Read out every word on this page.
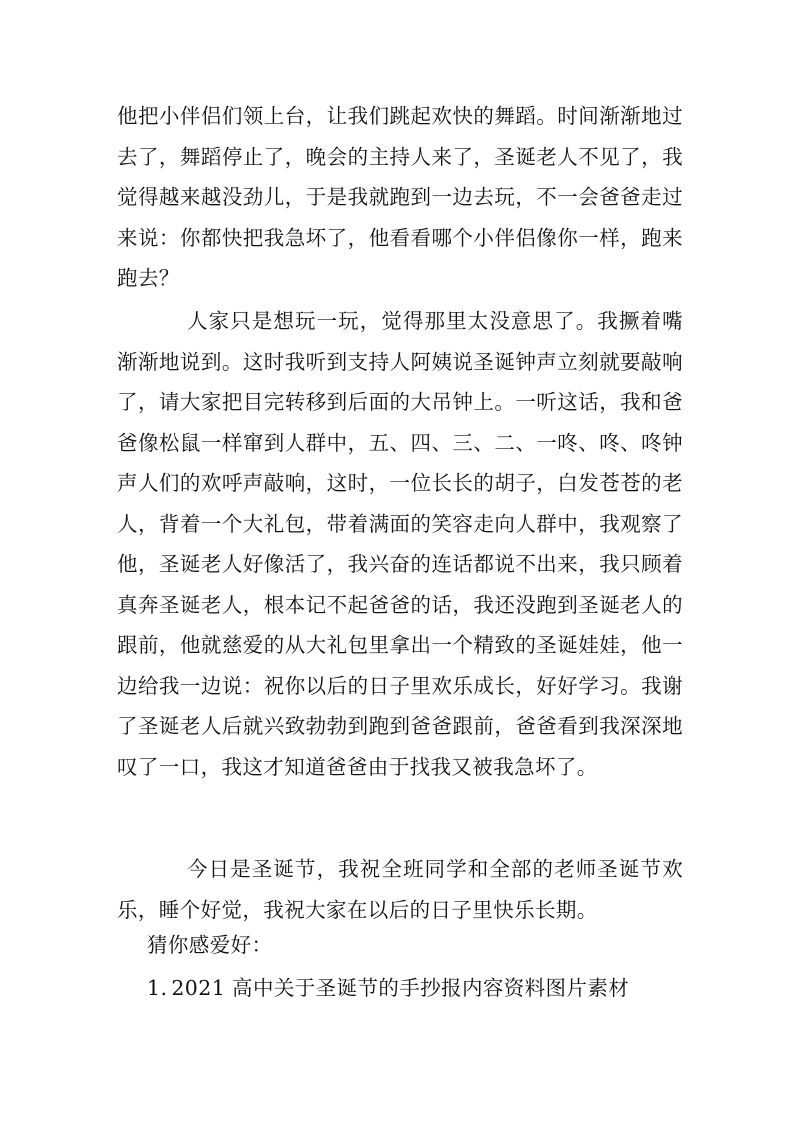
他把小伴侣们领上台，让我们跳起欢快的舞蹈。时间渐渐地过去了，舞蹈停止了，晚会的主持人来了，圣诞老人不见了，我觉得越来越没劲儿，于是我就跑到一边去玩，不一会爸爸走过来说：你都快把我急坏了，他看看哪个小伴侣像你一样，跑来跑去？

人家只是想玩一玩，觉得那里太没意思了。我撅着嘴渐渐地说到。这时我听到支持人阿姨说圣诞钟声立刻就要敲响了，请大家把目完转移到后面的大吊钟上。一听这话，我和爸爸像松鼠一样窜到人群中，五、四、三、二、一咚、咚、咚钟声人们的欢呼声敲响，这时，一位长长的胡子，白发苍苍的老人，背着一个大礼包，带着满面的笑容走向人群中，我观察了他，圣诞老人好像活了，我兴奋的连话都说不出来，我只顾着真奔圣诞老人，根本记不起爸爸的话，我还没跑到圣诞老人的跟前，他就慈爱的从大礼包里拿出一个精致的圣诞娃娃，他一边给我一边说：祝你以后的日子里欢乐成长，好好学习。我谢了圣诞老人后就兴致勃勃到跑到爸爸跟前，爸爸看到我深深地叹了一口，我这才知道爸爸由于找我又被我急坏了。

今日是圣诞节，我祝全班同学和全部的老师圣诞节欢乐，睡个好觉，我祝大家在以后的日子里快乐长期。

猜你感爱好：
1. 2021 高中关于圣诞节的手抄报内容资料图片素材
